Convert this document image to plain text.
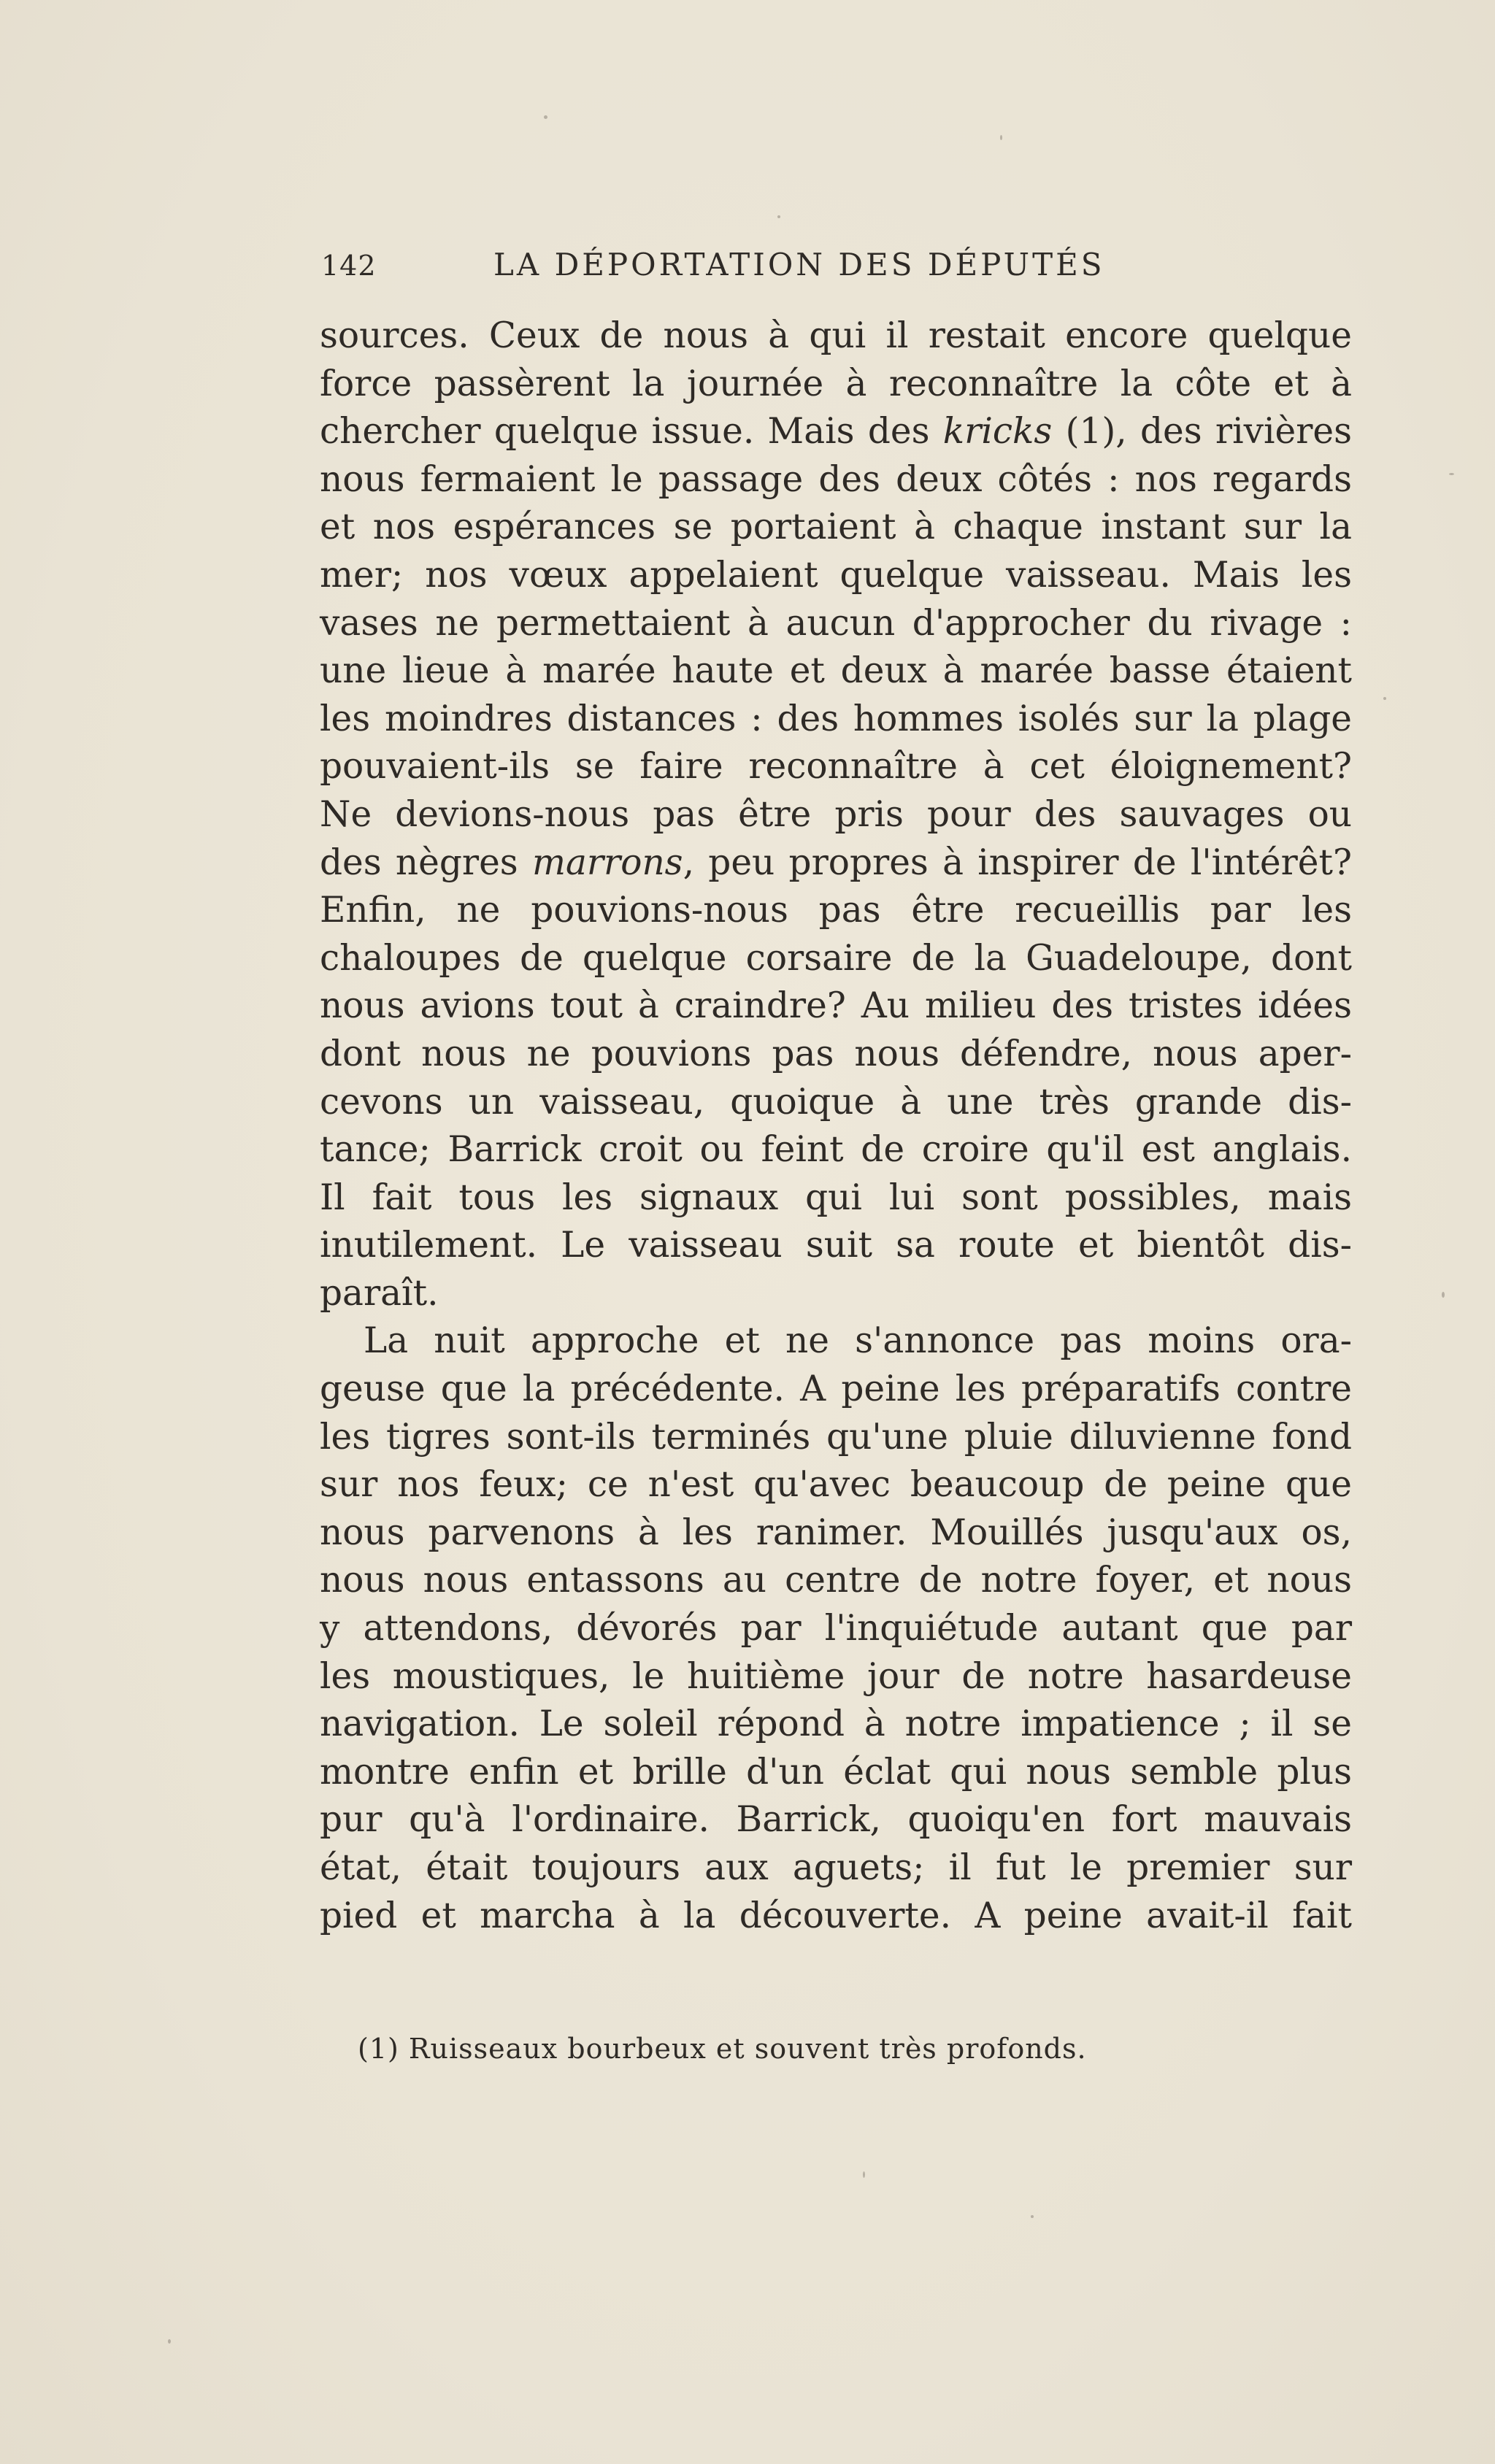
142	LA DÉPORTATION DES DÉPUTÉS
sources. Ceux de nous à qui il restait encore quelque
force passèrent la journée à reconnaître la côte et à
chercher quelque issue. Mais des kricks (1), des rivières
nous fermaient le passage des deux côtés : nos regards
et nos espérances se portaient à chaque instant sur la
mer; nos vœux appelaient quelque vaisseau. Mais les
vases ne permettaient à aucun d'approcher du rivage :
une lieue à marée haute et deux à marée basse étaient
les moindres distances : des hommes isolés sur la plage
pouvaient-ils se faire reconnaître à cet éloignement?
Ne devions-nous pas être pris pour des sauvages ou
des nègres marrons, peu propres à inspirer de l'intérêt?
Enfin, ne pouvions-nous pas être recueillis par les
chaloupes de quelque corsaire de la Guadeloupe, dont
nous avions tout à craindre? Au milieu des tristes idées
dont nous ne pouvions pas nous défendre, nous aper-
cevons un vaisseau, quoique à une très grande dis-
tance; Barrick croit ou feint de croire qu'il est anglais.
Il fait tous les signaux qui lui sont possibles, mais
inutilement. Le vaisseau suit sa route et bientôt dis-
paraît.
La nuit approche et ne s'annonce pas moins ora-
geuse que la précédente. A peine les préparatifs contre
les tigres sont-ils terminés qu'une pluie diluvienne fond
sur nos feux; ce n'est qu'avec beaucoup de peine que
nous parvenons à les ranimer. Mouillés jusqu'aux os,
nous nous entassons au centre de notre foyer, et nous
y attendons, dévorés par l'inquiétude autant que par
les moustiques, le huitième jour de notre hasardeuse
navigation. Le soleil répond à notre impatience ; il se
montre enfin et brille d'un éclat qui nous semble plus
pur qu'à l'ordinaire. Barrick, quoiqu'en fort mauvais
état, était toujours aux aguets; il fut le premier sur
pied et marcha à la découverte. A peine avait-il fait
(1) Ruisseaux bourbeux et souvent très profonds.
